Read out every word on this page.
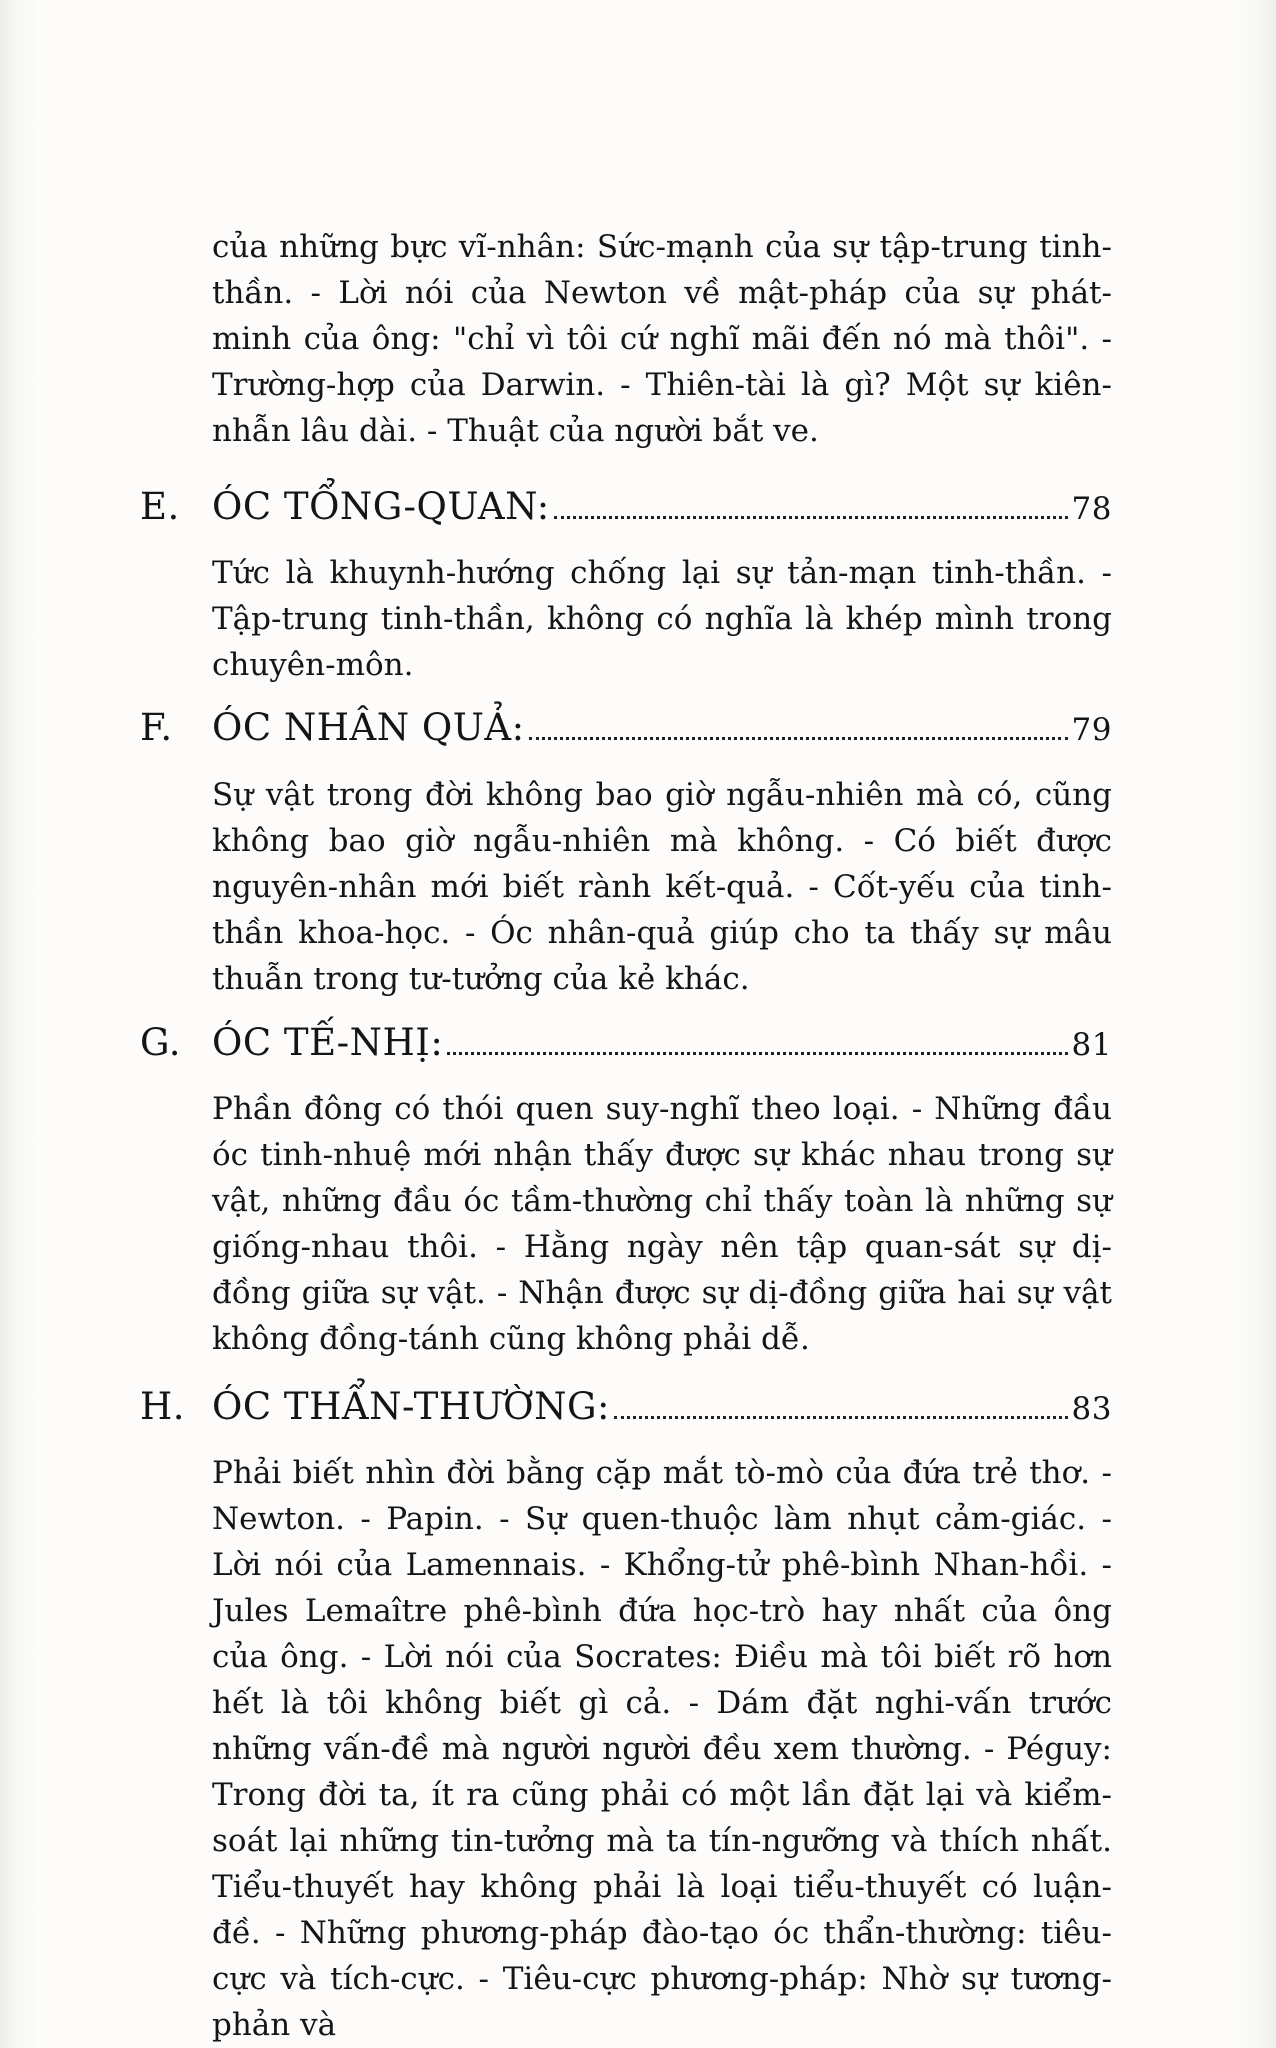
của những bực vĩ-nhân: Sức-mạnh của sự tập-trung tinh-thần. - Lời nói của Newton về mật-pháp của sự phát-minh của ông: "chỉ vì tôi cứ nghĩ mãi đến nó mà thôi". - Trường-hợp của Darwin. - Thiên-tài là gì? Một sự kiên-nhẫn lâu dài. - Thuật của người bắt ve.

E. ÓC TỔNG-QUAN:	78

Tức là khuynh-hướng chống lại sự tản-mạn tinh-thần. - Tập-trung tinh-thần, không có nghĩa là khép mình trong chuyên-môn.

F.	ÓC NHÂN QUẢ:	79

Sự vật trong đời không bao giờ ngẫu-nhiên mà có, cũng không bao giờ ngẫu-nhiên mà không. - Có biết được nguyên-nhân mới biết rành kết-quả. - Cốt-yếu của tinh-thần khoa-học. - Óc nhân-quả giúp cho ta thấy sự mâu thuẫn trong tư-tưởng của kẻ khác.

G. ÓC TẾ-NHỊ:	81

Phần đông có thói quen suy-nghĩ theo loại. - Những đầu óc tinh-nhuệ mới nhận thấy được sự khác nhau trong sự vật, những đầu óc tầm-thường chỉ thấy toàn là những sự giống-nhau thôi. - Hằng ngày nên tập quan-sát sự dị-đồng giữa sự vật. - Nhận được sự dị-đồng giữa hai sự vật không đồng-tánh cũng không phải dễ.

H. ÓC THẨN-THƯỜNG:	83

Phải biết nhìn đời bằng cặp mắt tò-mò của đứa trẻ thơ. - Newton. - Papin. - Sự quen-thuộc làm nhụt cảm-giác. - Lời nói của Lamennais. - Khổng-tử phê-bình Nhan-hồi. - Jules Lemaître phê-bình đứa học-trò hay nhất của ông của ông. - Lời nói của Socrates: Điều mà tôi biết rõ hơn hết là tôi không biết gì cả. - Dám đặt nghi-vấn trước những vấn-đề mà người người đều xem thường. - Péguy: Trong đời ta, ít ra cũng phải có một lần đặt lại và kiểm-soát lại những tin-tưởng mà ta tín-ngưỡng và thích nhất. Tiểu-thuyết hay không phải là loại tiểu-thuyết có luận-đề. - Những phương-pháp đào-tạo óc thẩn-thường: tiêu-cực và tích-cực. - Tiêu-cực phương-pháp: Nhờ sự tương-phản và
